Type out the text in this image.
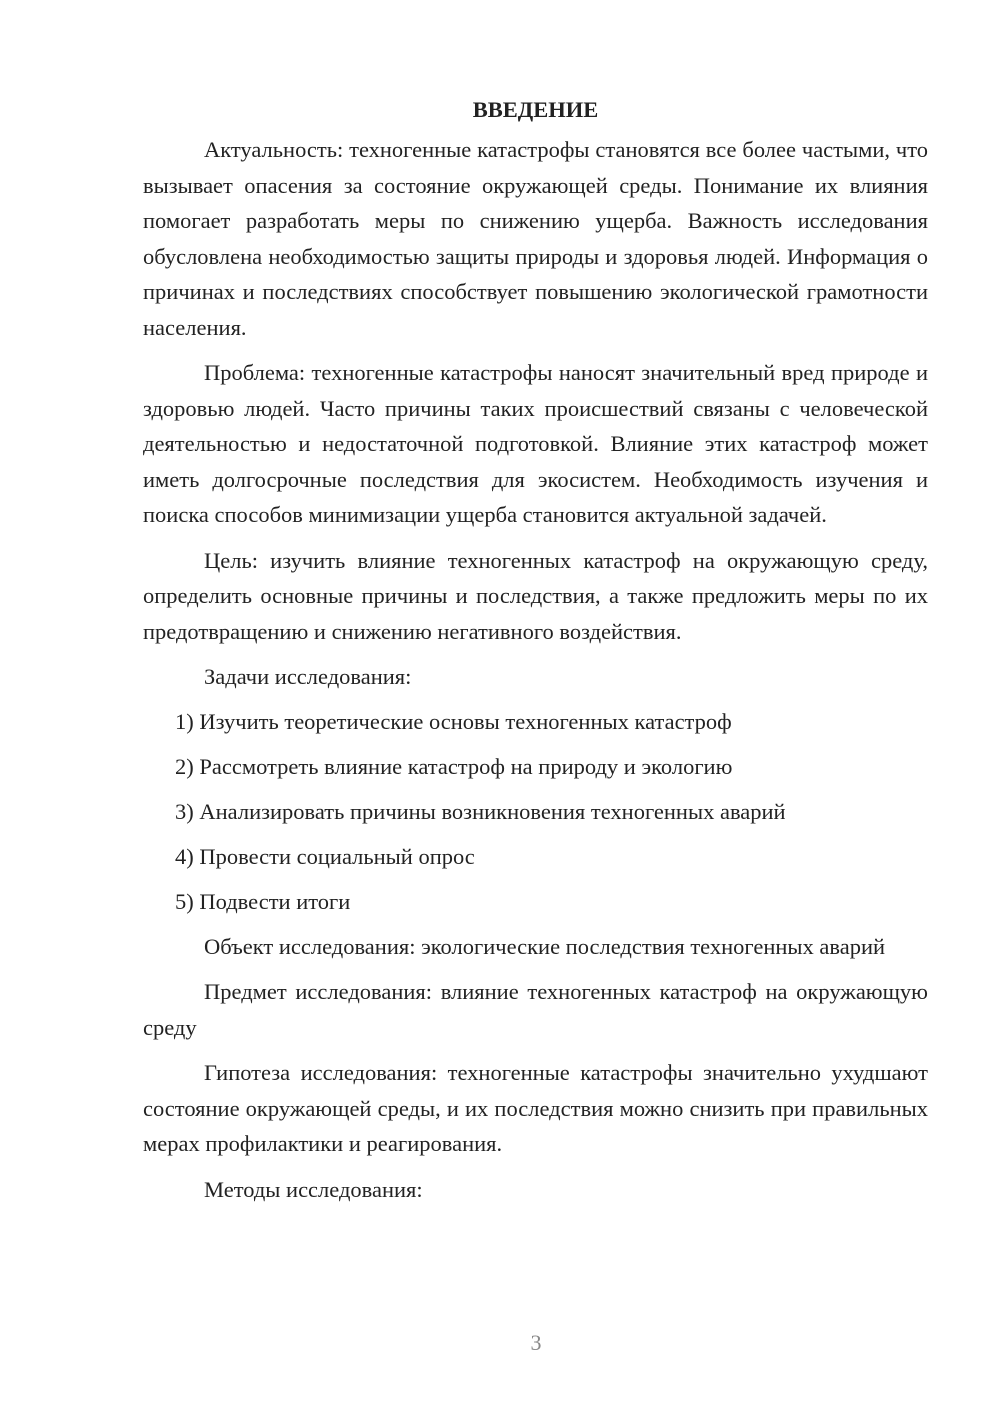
ВВЕДЕНИЕ

Актуальность: техногенные катастрофы становятся все более частыми, что вызывает опасения за состояние окружающей среды. Понимание их влияния помогает разработать меры по снижению ущерба. Важность исследования обусловлена необходимостью защиты природы и здоровья людей. Информация о причинах и последствиях способствует повышению экологической грамотности населения.

Проблема: техногенные катастрофы наносят значительный вред природе и здоровью людей. Часто причины таких происшествий связаны с человеческой деятельностью и недостаточной подготовкой. Влияние этих катастроф может иметь долгосрочные последствия для экосистем. Необходимость изучения и поиска способов минимизации ущерба становится актуальной задачей.

Цель: изучить влияние техногенных катастроф на окружающую среду, определить основные причины и последствия, а также предложить меры по их предотвращению и снижению негативного воздействия.

Задачи исследования:

1) Изучить теоретические основы техногенных катастроф
2) Рассмотреть влияние катастроф на природу и экологию
3) Анализировать причины возникновения техногенных аварий
4) Провести социальный опрос
5) Подвести итоги

Объект исследования: экологические последствия техногенных аварий

Предмет исследования: влияние техногенных катастроф на окружающую среду

Гипотеза исследования: техногенные катастрофы значительно ухудшают состояние окружающей среды, и их последствия можно снизить при правильных мерах профилактики и реагирования.

Методы исследования:

3
